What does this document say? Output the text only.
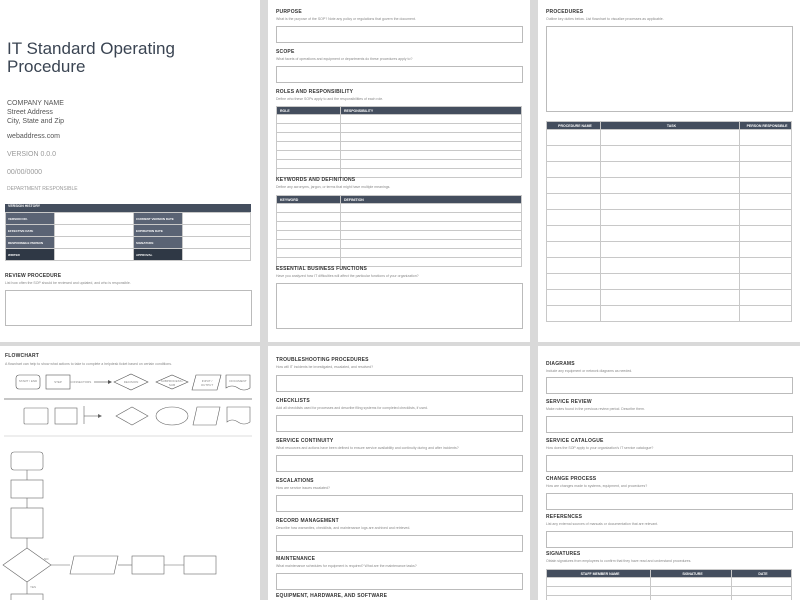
IT Standard Operating Procedure
COMPANY NAME
Street Address
City, State and Zip
webaddress.com
VERSION 0.0.0
00/00/0000
DEPARTMENT RESPONSIBLE
VERSION HISTORY
VERSION NO.		CURRENT VERSION DATE	
EFFECTIVE DATE		EXPIRATION DATE	
RESPONSIBLE PERSON		SIGNATURE	
WRITER		APPROVAL	
REVIEW PROCEDURE
List how often the SOP should be reviewed and updated, and who is responsible.
PURPOSE
What is the purpose of the SOP? Note any policy or regulations that govern the document.
SCOPE
What facets of operations and equipment or departments do these procedures apply to?
ROLES AND RESPONSIBILITY
Define who these SOPs apply to and the responsibilities of each role.
ROLE	RESPONSIBILITY

KEYWORDS AND DEFINITIONS
Define any acronyms, jargon, or terms that might have multiple meanings.
KEYWORD	DEFINITION

ESSENTIAL BUSINESS FUNCTIONS
Have you analyzed how IT difficulties will affect the particular functions of your organization?
PROCEDURES
Outline key duties below. List flowchart to visualize processes as applicable.
PROCEDURE NAME	TASK	PERSON RESPONSIBLE

FLOWCHART
A flowchart can help to show what actions to take to complete a helpdesk ticket based on certain conditions.
START / END	STEP	CONNECTORS	DECISION	SUBPROCESS / SUB
INPUT / OUTPUT
DOCUMENT
NO
YES
TROUBLESHOOTING PROCEDURES
How will IT incidents be investigated, escalated, and resolved?
CHECKLISTS
Add all checklists used for processes and describe filing systems for completed checklists, if used.
SERVICE CONTINUITY
What resources and actions have been defined to ensure service availability and continuity during and after incidents?
ESCALATIONS
How are service issues escalated?
RECORD MANAGEMENT
Describe how warranties, checklists, and maintenance logs are archived and retrieved.
MAINTENANCE
What maintenance schedules for equipment is required? What are the maintenance tasks?
EQUIPMENT, HARDWARE, AND SOFTWARE
DIAGRAMS
Include any equipment or network diagrams as needed.
SERVICE REVIEW
Make notes found in the previous review period. Describe them.
SERVICE CATALOGUE
How does the SOP apply to your organization's IT service catalogue?
CHANGE PROCESS
How are changes made to systems, equipment, and procedures?
REFERENCES
List any external sources of manuals or documentation that are relevant.
SIGNATURES
Obtain signatures from employees to confirm that they have read and understand procedures.
STAFF MEMBER NAME	SIGNATURE	DATE
